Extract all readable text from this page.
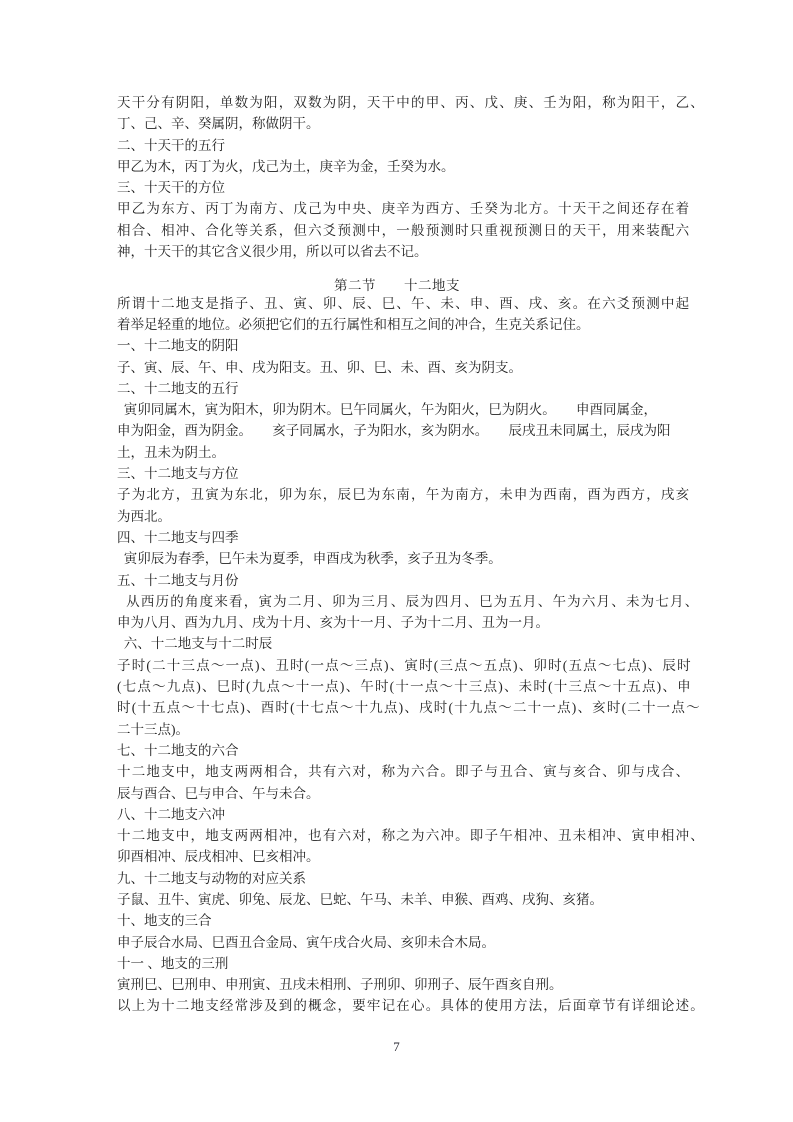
天干分有阴阳，单数为阳，双数为阴，天干中的甲、丙、戊、庚、壬为阳，称为阳干，乙、
丁、己、辛、癸属阴，称做阴干。
二、十天干的五行
甲乙为木，丙丁为火，戊己为土，庚辛为金，壬癸为水。
三、十天干的方位
甲乙为东方、丙丁为南方、戊己为中央、庚辛为西方、壬癸为北方。十天干之间还存在着
相合、相冲、合化等关系，但六爻预测中，一般预测时只重视预测日的天干，用来装配六
神，十天干的其它含义很少用，所以可以省去不记。
第二节　　十二地支
所谓十二地支是指子、丑、寅、卯、辰、巳、午、未、申、酉、戌、亥。在六爻预测中起
着举足轻重的地位。必须把它们的五行属性和相互之间的冲合，生克关系记住。
一、十二地支的阴阳
子、寅、辰、午、申、戌为阳支。丑、卯、巳、未、酉、亥为阴支。
二、十二地支的五行
寅卯同属木，寅为阳木，卯为阴木。巳午同属火，午为阳火，巳为阴火。　　申酉同属金，
申为阳金，酉为阴金。　　亥子同属水，子为阳水，亥为阴水。　　辰戌丑未同属土，辰戌为阳
土，丑未为阴土。
三、十二地支与方位
子为北方，丑寅为东北，卯为东，辰巳为东南，午为南方，未申为西南，酉为西方，戌亥
为西北。
四、十二地支与四季
寅卯辰为春季，巳午未为夏季，申酉戌为秋季，亥子丑为冬季。
五、十二地支与月份
从西历的角度来看，寅为二月、卯为三月、辰为四月、巳为五月、午为六月、未为七月、
申为八月、酉为九月、戌为十月、亥为十一月、子为十二月、丑为一月。
六、十二地支与十二时辰
子时(二十三点～一点)、丑时(一点～三点)、寅时(三点～五点)、卯时(五点～七点)、辰时
(七点～九点)、巳时(九点～十一点)、午时(十一点～十三点)、未时(十三点～十五点)、申
时(十五点～十七点)、酉时(十七点～十九点)、戌时(十九点～二十一点)、亥时(二十一点～
二十三点)。
七、十二地支的六合
十二地支中，地支两两相合，共有六对，称为六合。即子与丑合、寅与亥合、卯与戌合、
辰与酉合、巳与申合、午与未合。
八、十二地支六冲
十二地支中，地支两两相冲，也有六对，称之为六冲。即子午相冲、丑未相冲、寅申相冲、
卯酉相冲、辰戌相冲、巳亥相冲。
九、十二地支与动物的对应关系
子鼠、丑牛、寅虎、卯兔、辰龙、巳蛇、午马、未羊、申猴、酉鸡、戌狗、亥猪。
十、地支的三合
申子辰合水局、巳酉丑合金局、寅午戌合火局、亥卯未合木局。
十一 、地支的三刑
寅刑巳、巳刑申、申刑寅、丑戌未相刑、子刑卯、卯刑子、辰午酉亥自刑。
以上为十二地支经常涉及到的概念，要牢记在心。具体的使用方法，后面章节有详细论述。
7
